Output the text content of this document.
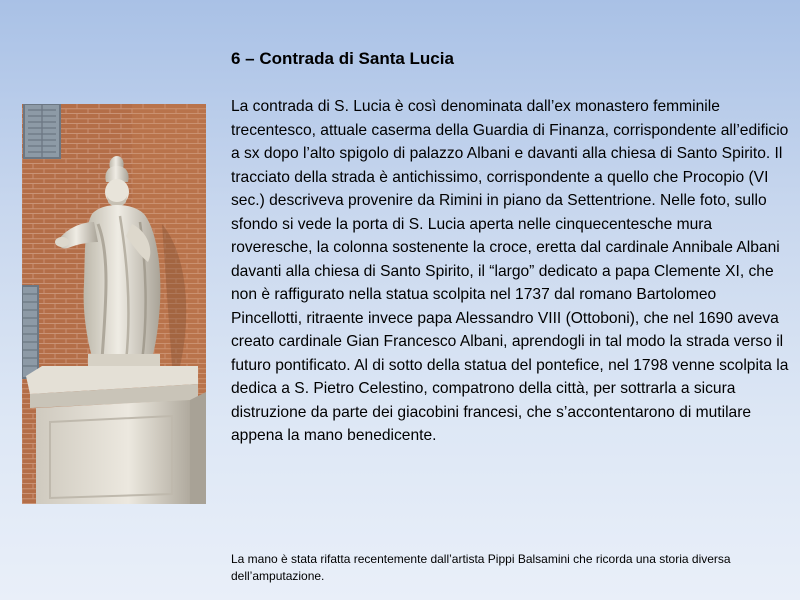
6 – Contrada di Santa Lucia
La contrada di S. Lucia è così denominata dall’ex monastero femminile trecentesco, attuale caserma della Guardia di Finanza, corrispondente all’edificio a sx dopo l’alto spigolo di palazzo Albani e davanti alla chiesa di Santo Spirito. Il tracciato della strada è antichissimo, corrispondente a quello che Procopio (VI sec.) descriveva provenire da Rimini in piano da Settentrione. Nelle foto, sullo sfondo si vede la porta di S. Lucia aperta nelle cinquecentesche mura roveresche, la colonna sostenente la croce, eretta dal cardinale Annibale Albani davanti alla chiesa di Santo Spirito, il “largo” dedicato a papa Clemente XI, che non è raffigurato nella statua scolpita nel 1737 dal romano Bartolomeo Pincellotti, ritraente invece papa Alessandro VIII (Ottoboni), che nel 1690 aveva creato cardinale Gian Francesco Albani, aprendogli in tal modo la strada verso il futuro pontificato. Al di sotto della statua del pontefice, nel 1798 venne scolpita la dedica a S. Pietro Celestino, compatrono della città, per sottrarla a sicura distruzione da parte dei giacobini francesi, che s’accontentarono di mutilare appena la mano benedicente.
La mano è stata rifatta recentemente dall’artista Pippi Balsamini che ricorda una storia diversa dell’amputazione.
